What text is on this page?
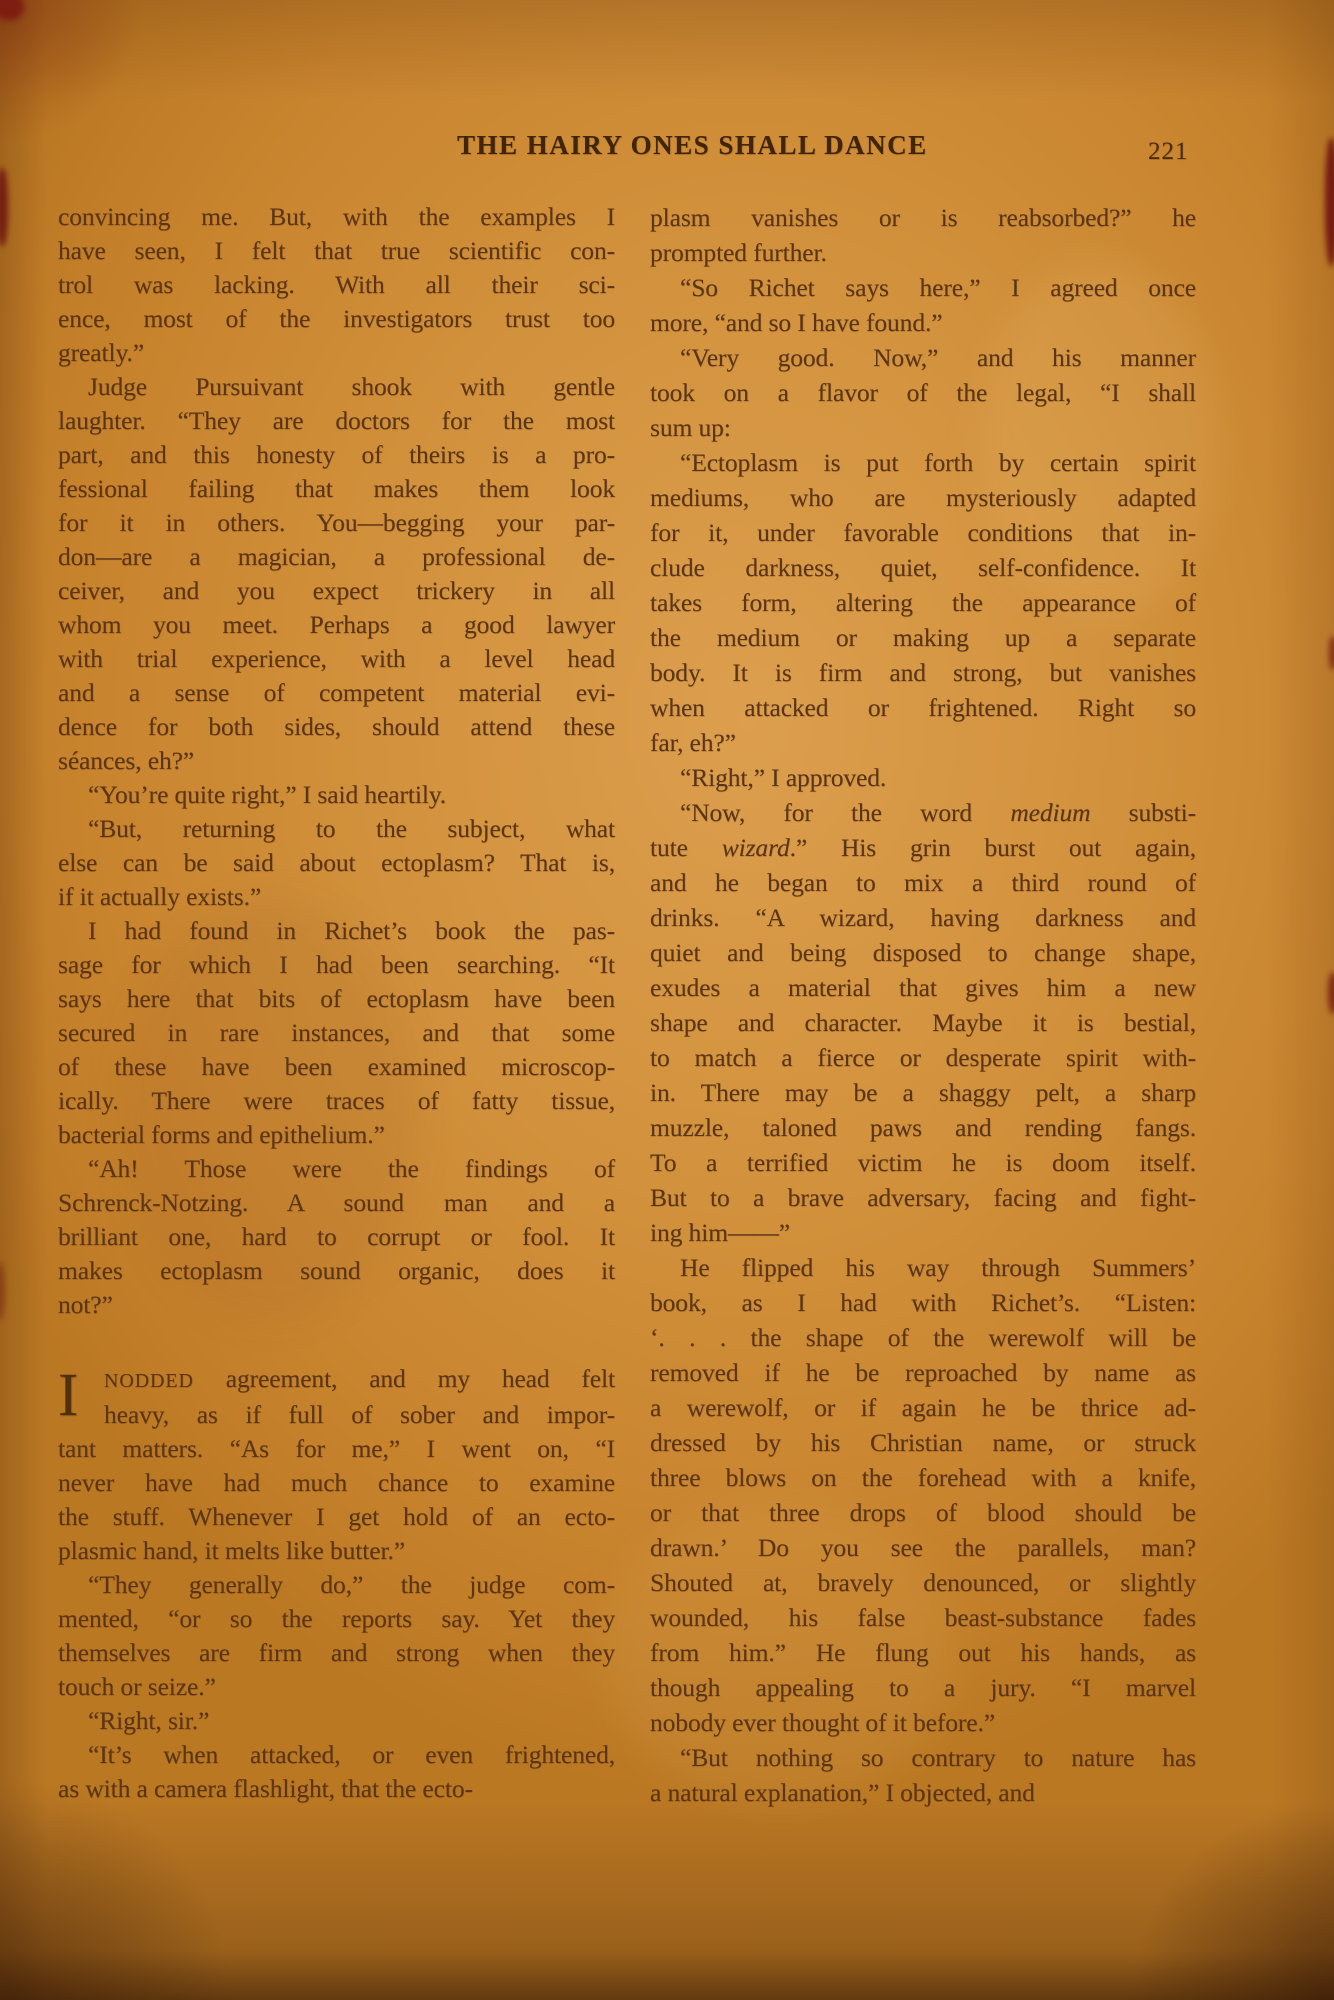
THE HAIRY ONES SHALL DANCE	221
convincing me. But, with the examples I
have seen, I felt that true scientific con-
trol was lacking. With all their sci-
ence, most of the investigators trust too
greatly.”
Judge Pursuivant shook with gentle
laughter. “They are doctors for the most
part, and this honesty of theirs is a pro-
fessional failing that makes them look
for it in others. You—begging your par-
don—are a magician, a professional de-
ceiver, and you expect trickery in all
whom you meet. Perhaps a good lawyer
with trial experience, with a level head
and a sense of competent material evi-
dence for both sides, should attend these
séances, eh?”
“You’re quite right,” I said heartily.
“But, returning to the subject, what
else can be said about ectoplasm? That is,
if it actually exists.”
I had found in Richet’s book the pas-
sage for which I had been searching. “It
says here that bits of ectoplasm have been
secured in rare instances, and that some
of these have been examined microscop-
ically. There were traces of fatty tissue,
bacterial forms and epithelium.”
“Ah! Those were the findings of
Schrenck-Notzing. A sound man and a
brilliant one, hard to corrupt or fool. It
makes ectoplasm sound organic, does it
not?”
I	NODDED agreement, and my head felt
heavy, as if full of sober and impor-
tant matters. “As for me,” I went on, “I
never have had much chance to examine
the stuff. Whenever I get hold of an ecto-
plasmic hand, it melts like butter.”
“They generally do,” the judge com-
mented, “or so the reports say. Yet they
themselves are firm and strong when they
touch or seize.”
“Right, sir.”
“It’s when attacked, or even frightened,
as with a camera flashlight, that the ecto-
plasm vanishes or is reabsorbed?” he
prompted further.
“So Richet says here,” I agreed once
more, “and so I have found.”
“Very good. Now,” and his manner
took on a flavor of the legal, “I shall
sum up:
“Ectoplasm is put forth by certain spirit
mediums, who are mysteriously adapted
for it, under favorable conditions that in-
clude darkness, quiet, self-confidence. It
takes form, altering the appearance of
the medium or making up a separate
body. It is firm and strong, but vanishes
when attacked or frightened. Right so
far, eh?”
“Right,” I approved.
“Now, for the word medium substi-
tute wizard.” His grin burst out again,
and he began to mix a third round of
drinks. “A wizard, having darkness and
quiet and being disposed to change shape,
exudes a material that gives him a new
shape and character. Maybe it is bestial,
to match a fierce or desperate spirit with-
in. There may be a shaggy pelt, a sharp
muzzle, taloned paws and rending fangs.
To a terrified victim he is doom itself.
But to a brave adversary, facing and fight-
ing him——”
He flipped his way through Summers’
book, as I had with Richet’s. “Listen:
‘. . . the shape of the werewolf will be
removed if he be reproached by name as
a werewolf, or if again he be thrice ad-
dressed by his Christian name, or struck
three blows on the forehead with a knife,
or that three drops of blood should be
drawn.’ Do you see the parallels, man?
Shouted at, bravely denounced, or slightly
wounded, his false beast-substance fades
from him.” He flung out his hands, as
though appealing to a jury. “I marvel
nobody ever thought of it before.”
“But nothing so contrary to nature has
a natural explanation,” I objected, and
